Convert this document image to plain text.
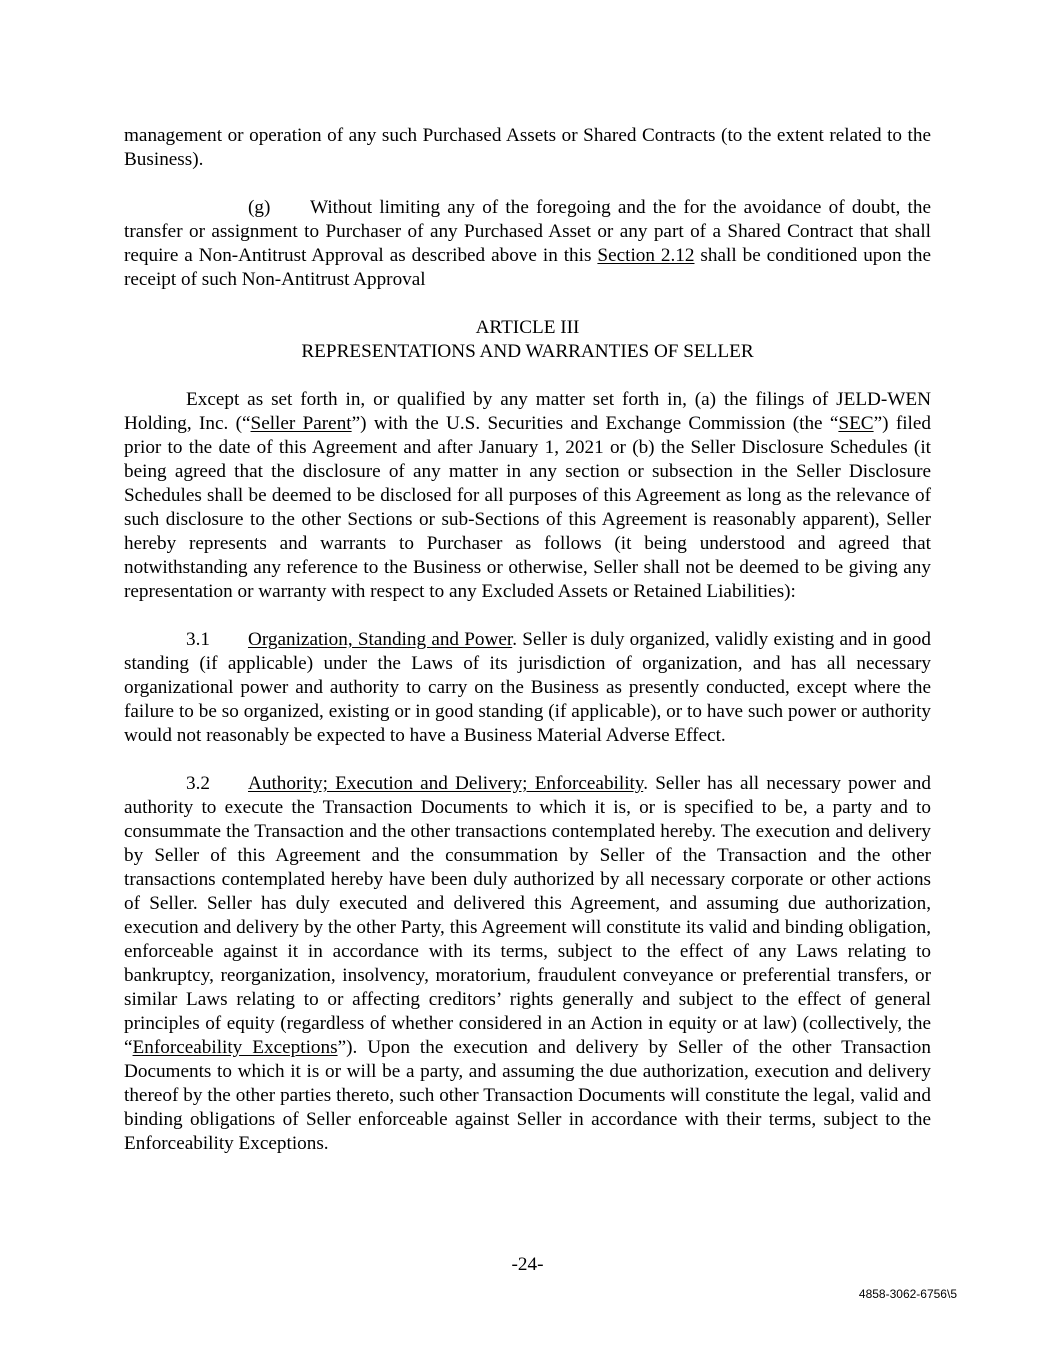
management or operation of any such Purchased Assets or Shared Contracts (to the extent related to the Business).

(g) Without limiting any of the foregoing and the for the avoidance of doubt, the transfer or assignment to Purchaser of any Purchased Asset or any part of a Shared Contract that shall require a Non-Antitrust Approval as described above in this Section 2.12 shall be conditioned upon the receipt of such Non-Antitrust Approval

ARTICLE III
REPRESENTATIONS AND WARRANTIES OF SELLER

Except as set forth in, or qualified by any matter set forth in, (a) the filings of JELD-WEN Holding, Inc. (“Seller Parent”) with the U.S. Securities and Exchange Commission (the “SEC”) filed prior to the date of this Agreement and after January 1, 2021 or (b) the Seller Disclosure Schedules (it being agreed that the disclosure of any matter in any section or subsection in the Seller Disclosure Schedules shall be deemed to be disclosed for all purposes of this Agreement as long as the relevance of such disclosure to the other Sections or sub-Sections of this Agreement is reasonably apparent), Seller hereby represents and warrants to Purchaser as follows (it being understood and agreed that notwithstanding any reference to the Business or otherwise, Seller shall not be deemed to be giving any representation or warranty with respect to any Excluded Assets or Retained Liabilities):

3.1 Organization, Standing and Power. Seller is duly organized, validly existing and in good standing (if applicable) under the Laws of its jurisdiction of organization, and has all necessary organizational power and authority to carry on the Business as presently conducted, except where the failure to be so organized, existing or in good standing (if applicable), or to have such power or authority would not reasonably be expected to have a Business Material Adverse Effect.

3.2 Authority; Execution and Delivery; Enforceability. Seller has all necessary power and authority to execute the Transaction Documents to which it is, or is specified to be, a party and to consummate the Transaction and the other transactions contemplated hereby. The execution and delivery by Seller of this Agreement and the consummation by Seller of the Transaction and the other transactions contemplated hereby have been duly authorized by all necessary corporate or other actions of Seller. Seller has duly executed and delivered this Agreement, and assuming due authorization, execution and delivery by the other Party, this Agreement will constitute its valid and binding obligation, enforceable against it in accordance with its terms, subject to the effect of any Laws relating to bankruptcy, reorganization, insolvency, moratorium, fraudulent conveyance or preferential transfers, or similar Laws relating to or affecting creditors’ rights generally and subject to the effect of general principles of equity (regardless of whether considered in an Action in equity or at law) (collectively, the “Enforceability Exceptions”). Upon the execution and delivery by Seller of the other Transaction Documents to which it is or will be a party, and assuming the due authorization, execution and delivery thereof by the other parties thereto, such other Transaction Documents will constitute the legal, valid and binding obligations of Seller enforceable against Seller in accordance with their terms, subject to the Enforceability Exceptions.

-24-
4858-3062-6756\5
